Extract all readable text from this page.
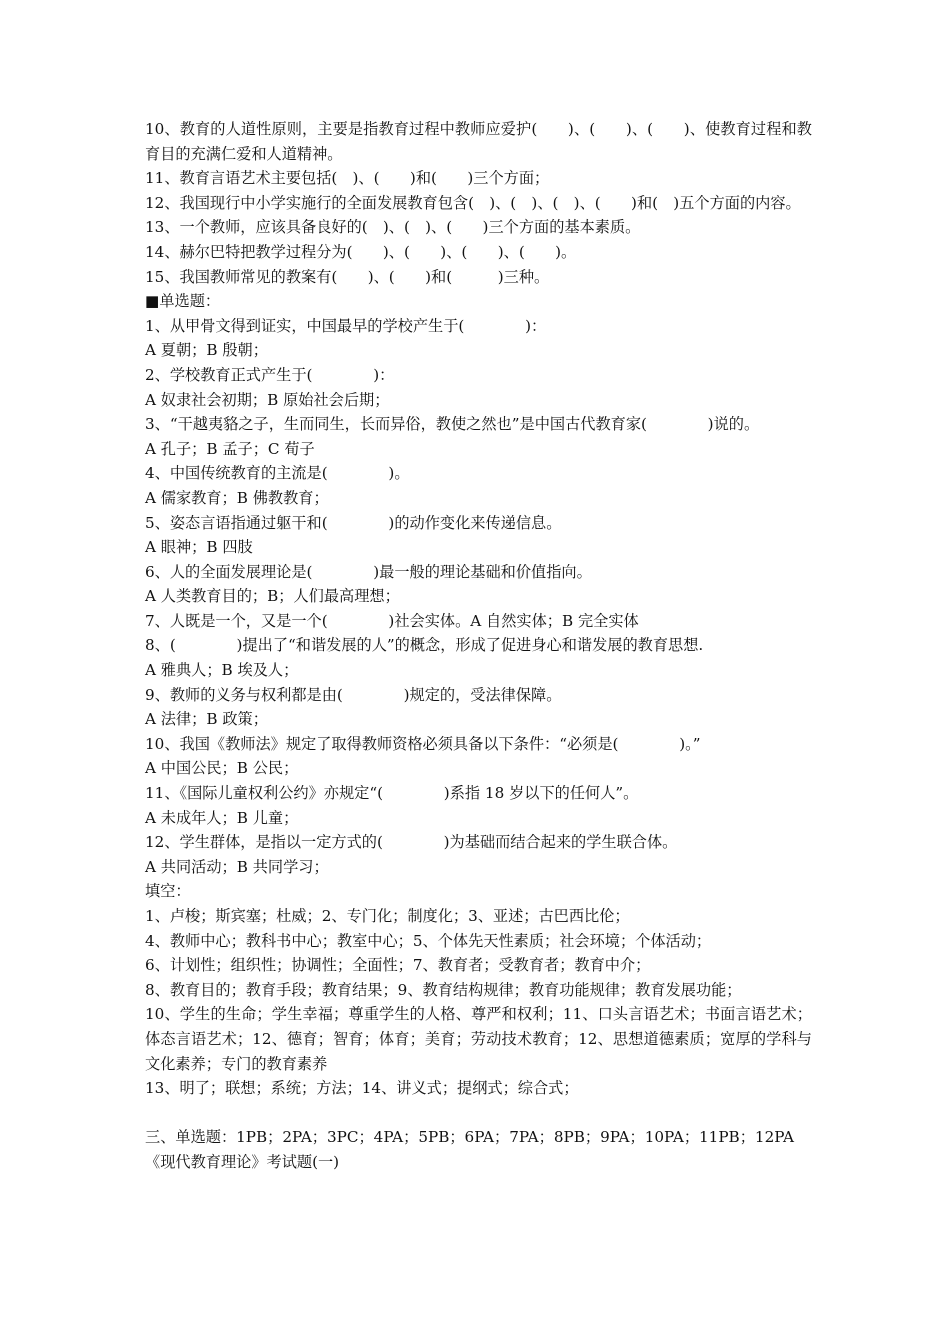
10、教育的人道性原则，主要是指教育过程中教师应爱护(　　)、(　　)、(　　)、使教育过程和教育目的充满仁爱和人道精神。

11、教育言语艺术主要包括(　)、(　　)和(　　)三个方面；

12、我国现行中小学实施行的全面发展教育包含(　)、(　)、(　)、(　　)和(　)五个方面的内容。

13、一个教师，应该具备良好的(　)、(　)、(　　)三个方面的基本素质。

14、赫尔巴特把教学过程分为(　　)、(　　)、(　　)、(　　)。

15、我国教师常见的教案有(　　)、(　　)和(　　　)三种。

■单选题：

1、从甲骨文得到证实，中国最早的学校产生于(　　　　)：

A 夏朝；B 殷朝；

2、学校教育正式产生于(　　　　)：

A 奴隶社会初期；B 原始社会后期；

3、“干越夷貉之子，生而同生，长而异俗，教使之然也”是中国古代教育家(　　　　)说的。

A 孔子；B 孟子；C 荀子

4、中国传统教育的主流是(　　　　)。

A 儒家教育；B 佛教教育；

5、姿态言语指通过躯干和(　　　　)的动作变化来传递信息。

A 眼神；B 四肢

6、人的全面发展理论是(　　　　)最一般的理论基础和价值指向。

A 人类教育目的；B；人们最高理想；

7、人既是一个，又是一个(　　　　)社会实体。A 自然实体；B 完全实体

8、(　　　　)提出了“和谐发展的人”的概念，形成了促进身心和谐发展的教育思想.

A 雅典人；B 埃及人；

9、教师的义务与权利都是由(　　　　)规定的，受法律保障。

A 法律；B 政策；

10、我国《教师法》规定了取得教师资格必须具备以下条件：“必须是(　　　　)。”

A 中国公民；B 公民；

11、《国际儿童权利公约》亦规定“(　　　　)系指 18 岁以下的任何人”。

A 未成年人；B 儿童；

12、学生群体，是指以一定方式的(　　　　)为基础而结合起来的学生联合体。

A 共同活动；B 共同学习；

填空：

1、卢梭；斯宾塞；杜威；2、专门化；制度化；3、亚述；古巴西比伦；

4、教师中心；教科书中心；教室中心；5、个体先天性素质；社会环境；个体活动；

6、计划性；组织性；协调性；全面性；7、教育者；受教育者；教育中介；

8、教育目的；教育手段；教育结果；9、教育结构规律；教育功能规律；教育发展功能；

10、学生的生命；学生幸福；尊重学生的人格、尊严和权利；11、口头言语艺术；书面言语艺术；体态言语艺术；12、德育；智育；体育；美育；劳动技术教育；12、思想道德素质；宽厚的学科与文化素养；专门的教育素养

13、明了；联想；系统；方法；14、讲义式；提纲式；综合式；

三、单选题：1PB；2PA；3PC；4PA；5PB；6PA；7PA；8PB；9PA；10PA；11PB；12PA

《现代教育理论》考试题(一)
